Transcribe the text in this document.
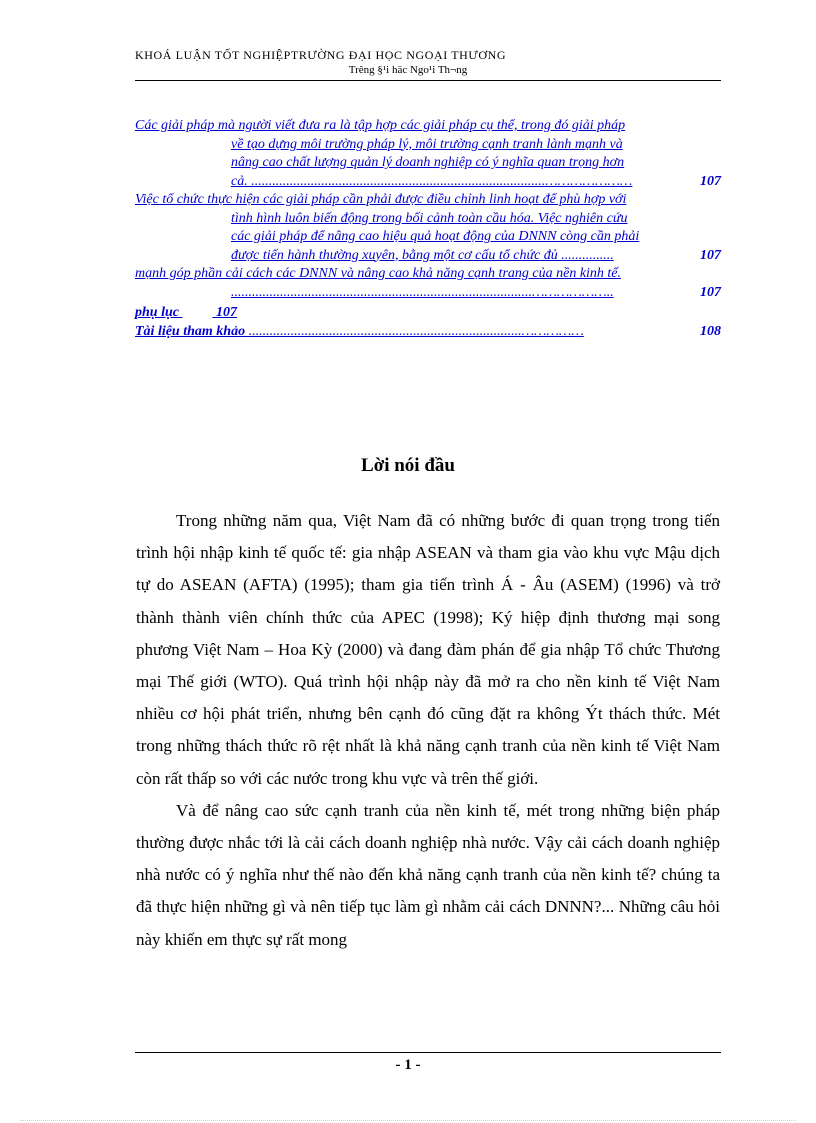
KHOÁ LUẬN TỐT NGHIỆPTRƯỜNG ĐẠI HỌC NGOẠI THƯƠNG
Trêng §¹i häc Ngo¹i Th¬ng
Các giải pháp mà người viết đưa ra là tập hợp các giải pháp cụ thể, trong đó giải pháp
về tạo dựng môi trường pháp lý, môi trường cạnh tranh lành mạnh và
nâng cao chất lượng quản lý doanh nghiệp có ý nghĩa quan trọng hơn
cả. ....................................................................................…………………	107
Việc tổ chức thực hiện các giải pháp cần phải được điều chỉnh linh hoạt để phù hợp với
tình hình luôn biến động trong bối cảnh toàn cầu hóa. Việc nghiên cứu
các giải pháp để nâng cao hiệu quả hoạt động của DNNN còng cần phải
được tiến hành thường xuyên, bằng một cơ cấu tổ chức đủ ...............	107
mạnh góp phần cải cách các DNNN và nâng cao khả năng cạnh trang của nền kinh tế.
......................................................................................………………..	107
phụ lục	107
Tài liệu tham khảo ..............................................................................……………	108
Lời nói đầu

Trong những năm qua, Việt Nam đã có những bước đi quan trọng trong tiến trình hội nhập kinh tế quốc tế: gia nhập ASEAN và tham gia vào khu vực Mậu dịch tự do ASEAN (AFTA) (1995); tham gia tiến trình Á - Âu (ASEM) (1996) và trở thành thành viên chính thức của APEC (1998); Ký hiệp định thương mại song phương Việt Nam – Hoa Kỳ (2000) và đang đàm phán để gia nhập Tổ chức Thương mại Thế giới (WTO). Quá trình hội nhập này đã mở ra cho nền kinh tế Việt Nam nhiều cơ hội phát triển, nhưng bên cạnh đó cũng đặt ra không Ýt thách thức. Mét trong những thách thức rõ rệt nhất là khả năng cạnh tranh của nền kinh tế Việt Nam còn rất thấp so với các nước trong khu vực và trên thế giới.

Và để nâng cao sức cạnh tranh của nền kinh tế, mét trong những biện pháp thường được nhắc tới là cải cách doanh nghiệp nhà nước. Vậy cải cách doanh nghiệp nhà nước có ý nghĩa như thế nào đến khả năng cạnh tranh của nền kinh tế? chúng ta đã thực hiện những gì và nên tiếp tục làm gì nhằm cải cách DNNN?... Những câu hỏi này khiến em thực sự rất mong

- 1 -
